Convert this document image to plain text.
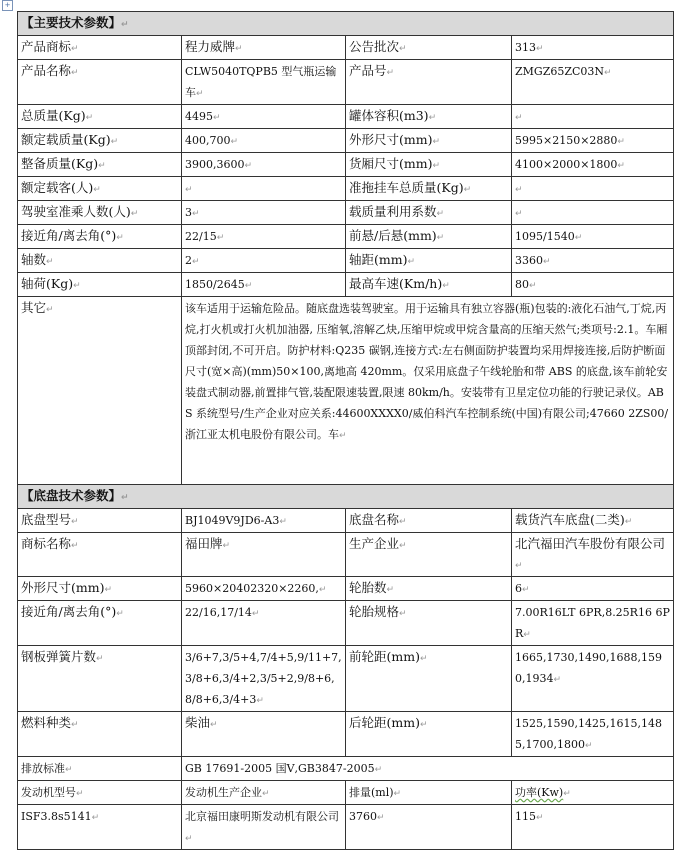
+
【主要技术参数】↵			
产品商标↵	程力威牌↵	公告批次↵	313↵
产品名称↵	CLW5040TQPB5 型气瓶运输车↵	产品号↵	ZMGZ65ZC03N↵
总质量(Kg)↵	4495↵	罐体容积(m3)↵	↵
额定载质量(Kg)↵	400,700↵	外形尺寸(mm)↵	5995×2150×2880↵
整备质量(Kg)↵	3900,3600↵	货厢尺寸(mm)↵	4100×2000×1800↵
额定载客(人)↵	↵	准拖挂车总质量(Kg)↵	↵
驾驶室准乘人数(人)↵	3↵	载质量利用系数↵	↵
接近角/离去角(°)↵	22/15↵	前悬/后悬(mm)↵	1095/1540↵
轴数↵	2↵	轴距(mm)↵	3360↵
轴荷(Kg)↵	1850/2645↵	最高车速(Km/h)↵	80↵
其它↵	该车适用于运输危险品。随底盘选装驾驶室。用于运输具有独立容器(瓶)包装的:液化石油气,丁烷,丙烷,打火机或打火机加油器, 压缩氧,溶解乙炔,压缩甲烷或甲烷含量高的压缩天然气;类项号:2.1。车厢顶部封闭,不可开启。防护材料:Q235 碳钢,连接方式:左右侧面防护装置均采用焊接连接,后防护断面尺寸(宽×高)(mm)50×100,离地高 420mm。仅采用底盘子午线轮胎和带 ABS 的底盘,该车前轮安装盘式制动器,前置排气管,装配限速装置,限速 80km/h。安装带有卫星定位功能的行驶记录仪。ABS 系统型号/生产企业对应关系:44600XXXX0/威伯科汽车控制系统(中国)有限公司;47660 2ZS00/浙江亚太机电股份有限公司。车↵		
【底盘技术参数】↵			
底盘型号↵	BJ1049V9JD6-A3↵	底盘名称↵	载货汽车底盘(二类)↵
商标名称↵	福田牌↵	生产企业↵	北汽福田汽车股份有限公司↵
外形尺寸(mm)↵	5960×20402320×2260,↵	轮胎数↵	6↵
接近角/离去角(°)↵	22/16,17/14↵	轮胎规格↵	7.00R16LT 6PR,8.25R16 6PR↵
钢板弹簧片数↵	3/6+7,3/5+4,7/4+5,9/11+7,3/8+6,3/4+2,3/5+2,9/8+6,8/8+6,3/4+3↵	前轮距(mm)↵	1665,1730,1490,1688,1590,1934↵
燃料种类↵	柴油↵	后轮距(mm)↵	1525,1590,1425,1615,1485,1700,1800↵
排放标准↵	GB 17691-2005 国Ⅴ,GB3847-2005↵		
发动机型号↵	发动机生产企业↵	排量(ml)↵	功率(Kw)↵
ISF3.8s5141↵	北京福田康明斯发动机有限公司↵	3760↵	115↵
